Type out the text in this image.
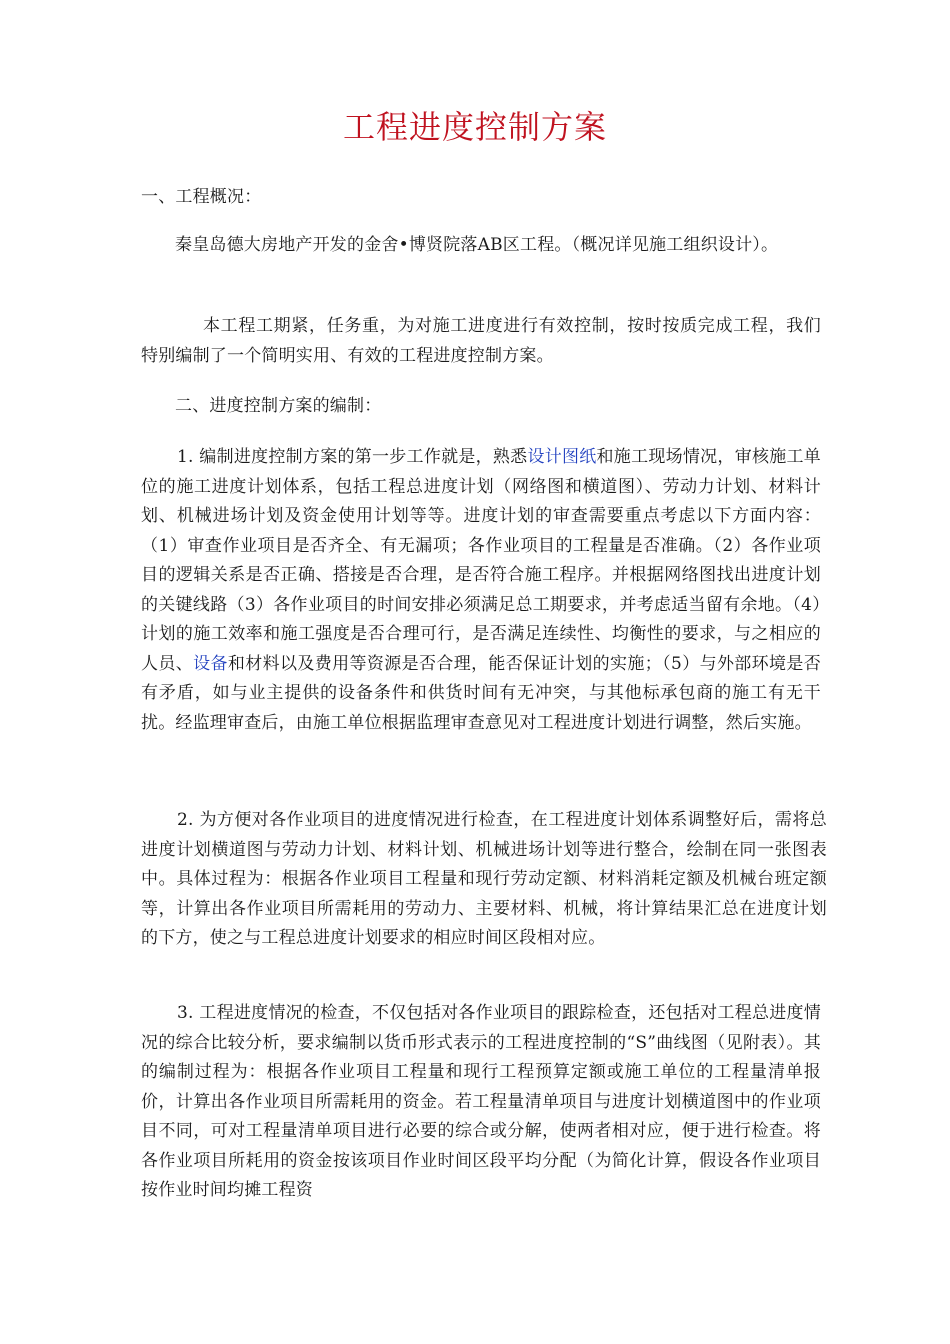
工程进度控制方案
一、工程概况：
秦皇岛德大房地产开发的金舍•博贤院落AB区工程。（概况详见施工组织设计）。
本工程工期紧，任务重，为对施工进度进行有效控制，按时按质完成工程，我们特别编制了一个简明实用、有效的工程进度控制方案。
二、进度控制方案的编制：
1. 编制进度控制方案的第一步工作就是，熟悉设计图纸和施工现场情况，审核施工单位的施工进度计划体系，包括工程总进度计划（网络图和横道图）、劳动力计划、材料计划、机械进场计划及资金使用计划等等。进度计划的审查需要重点考虑以下方面内容：（1）审查作业项目是否齐全、有无漏项；各作业项目的工程量是否准确。（2）各作业项目的逻辑关系是否正确、搭接是否合理，是否符合施工程序。并根据网络图找出进度计划的关键线路（3）各作业项目的时间安排必须满足总工期要求，并考虑适当留有余地。（4）计划的施工效率和施工强度是否合理可行，是否满足连续性、均衡性的要求，与之相应的人员、设备和材料以及费用等资源是否合理，能否保证计划的实施；（5）与外部环境是否有矛盾，如与业主提供的设备条件和供货时间有无冲突，与其他标承包商的施工有无干扰。经监理审查后，由施工单位根据监理审查意见对工程进度计划进行调整，然后实施。
2. 为方便对各作业项目的进度情况进行检查，在工程进度计划体系调整好后，需将总进度计划横道图与劳动力计划、材料计划、机械进场计划等进行整合，绘制在同一张图表中。具体过程为：根据各作业项目工程量和现行劳动定额、材料消耗定额及机械台班定额等，计算出各作业项目所需耗用的劳动力、主要材料、机械，将计算结果汇总在进度计划的下方，使之与工程总进度计划要求的相应时间区段相对应。
3. 工程进度情况的检查，不仅包括对各作业项目的跟踪检查，还包括对工程总进度情况的综合比较分析，要求编制以货币形式表示的工程进度控制的“S”曲线图（见附表）。其的编制过程为：根据各作业项目工程量和现行工程预算定额或施工单位的工程量清单报价，计算出各作业项目所需耗用的资金。若工程量清单项目与进度计划横道图中的作业项目不同，可对工程量清单项目进行必要的综合或分解，使两者相对应，便于进行检查。将各作业项目所耗用的资金按该项目作业时间区段平均分配（为简化计算，假设各作业项目按作业时间均摊工程资
